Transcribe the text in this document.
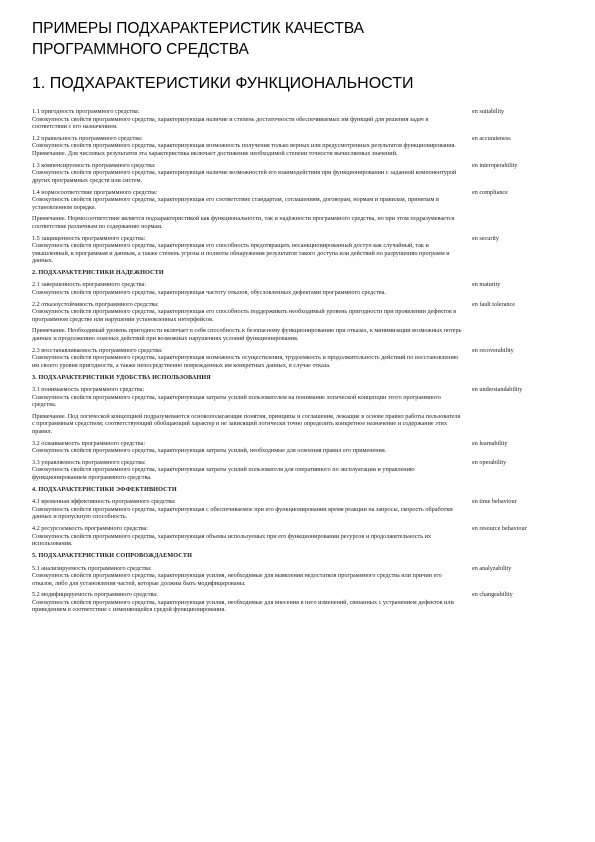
ПРИМЕРЫ ПОДХАРАКТЕРИСТИК КАЧЕСТВА
ПРОГРАММНОГО СРЕДСТВА
1. ПОДХАРАКТЕРИСТИКИ ФУНКЦИОНАЛЬНОСТИ

1.1 пригодность программного средства:

Совокупность свойств программного средства, характеризующая наличие и степень достаточности обеспечиваемых им функций для решения задач в соответствии с его назначением.

en suitability

1.2 правильность программного средства:

Совокупность свойств программного средства, характеризующая возможность получения только верных или предусмотренных результатов функционирования.

Примечание. Для числовых результатов эта характеристика включает достижение необходимой степени точности вычисляемых значений.

en accurateness

1.3 компенсируемость программного средства:

Совокупность свойств программного средства, характеризующая наличие возможностей его взаимодействия при функционировании с заданной компонентурой других программных средств или систем.

en interoperability

1.4 нормосоответствие программного средства:

Совокупность свойств программного средства, характеризующая его соответствие стандартам, соглашениям, договорам, нормам и правилам, принятым в установленном порядке.

Примечание. Нормосоответствие является подхарактеристикой как функциональности, так и надёжности программного средства, но при этом подразумевается соответствие различным по содержанию нормам.

en compliance

1.5 защищенность программного средства:

Совокупность свойств программного средства, характеризующая его способность предотвращать несанкционированный доступ как случайный, так и умышленный, к программам и данным, а также степень угрозы и полноты обнаружения результатов такого доступа или действий по разрушению программ и данных.

en security
2. ПОДХАРАКТЕРИСТИКИ НАДЕЖНОСТИ

2.1 завершенность программного средства:

Совокупность свойств программного средства, характеризующая частоту отказов, обусловленных дефектами программного средства.

en maturity

2.2 отказоустойчивость программного средства:

Совокупность свойств программного средства, характеризующая его способность поддерживать необходимый уровень пригодности при проявлении дефектов в программном средстве или нарушении установленных интерфейсов.

Примечание. Необходимый уровень пригодности включает в себя способность к безопасному функционированию при отказах, к минимизации возможных потерь данных и продолжению опасных действий при возможных нарушениях условий функционирования.

en fault tolerance

2.3 восстанавливаемость программного средства:

Совокупность свойств программного средства, характеризующая возможность осуществления, трудоемкость и продолжительность действий по восстановлению им своего уровня пригодности, а также непосредственно поврежденных им конкретных данных, в случае отказа.

en recoverability
3. ПОДХАРАКТЕРИСТИКИ УДОБСТВА ИСПОЛЬЗОВАНИЯ

3.1 понимаемость программного средства:

Совокупность свойств программного средства, характеризующая затраты усилий пользователем на понимание логической концепции этого программного средства.

Примечание. Под логической концепцией подразумеваются основополагающие понятия, принципы и соглашения, лежащие в основе правил работы пользователя с программным средством; соответствующий обобщающий характер и не зависящий логически точно определить конкретное назначение и содержание этих правил.

en understandability

3.2 осваиваемость программного средства:

Совокупность свойств программного средства, характеризующая затраты усилий, необходимые для освоения правил его применения.

en learnability

3.3 управляемость программного средства:

Совокупность свойств программного средства, характеризующая затраты усилий пользователя для оперативного по эксплуатации и управлению функционированием программного средства.

en operability
4. ПОДХАРАКТЕРИСТИКИ ЭФФЕКТИВНОСТИ

4.1 временная эффективность программного средства:

Совокупность свойств программного средства, характеризующая с обеспечиваемое при его функционировании время реакции на запросы, скорость обработки данных и пропускную способность.

en time behaviour

4.2 ресурсоемкость программного средства:

Совокупность свойств программного средства, характеризующая объемы используемых при его функционировании ресурсов и продолжительность их использования.

en resource behaviour
5. ПОДХАРАКТЕРИСТИКИ СОПРОВОЖДАЕМОСТИ

5.1 анализируемость программного средства:

Совокупность свойств программного средства, характеризующая усилия, необходимые для выявления недостатков программного средства или причин его отказов, либо для установления частей, которые должны быть модифицированы.

en analyzability

5.2 модифицируемость программного средства:

Совокупность свойств программного средства, характеризующая усилия, необходимые для внесения в него изменений, связанных с устранением дефектов или приведением в соответствие с изменяющейся средой функционирования.

en changeability
